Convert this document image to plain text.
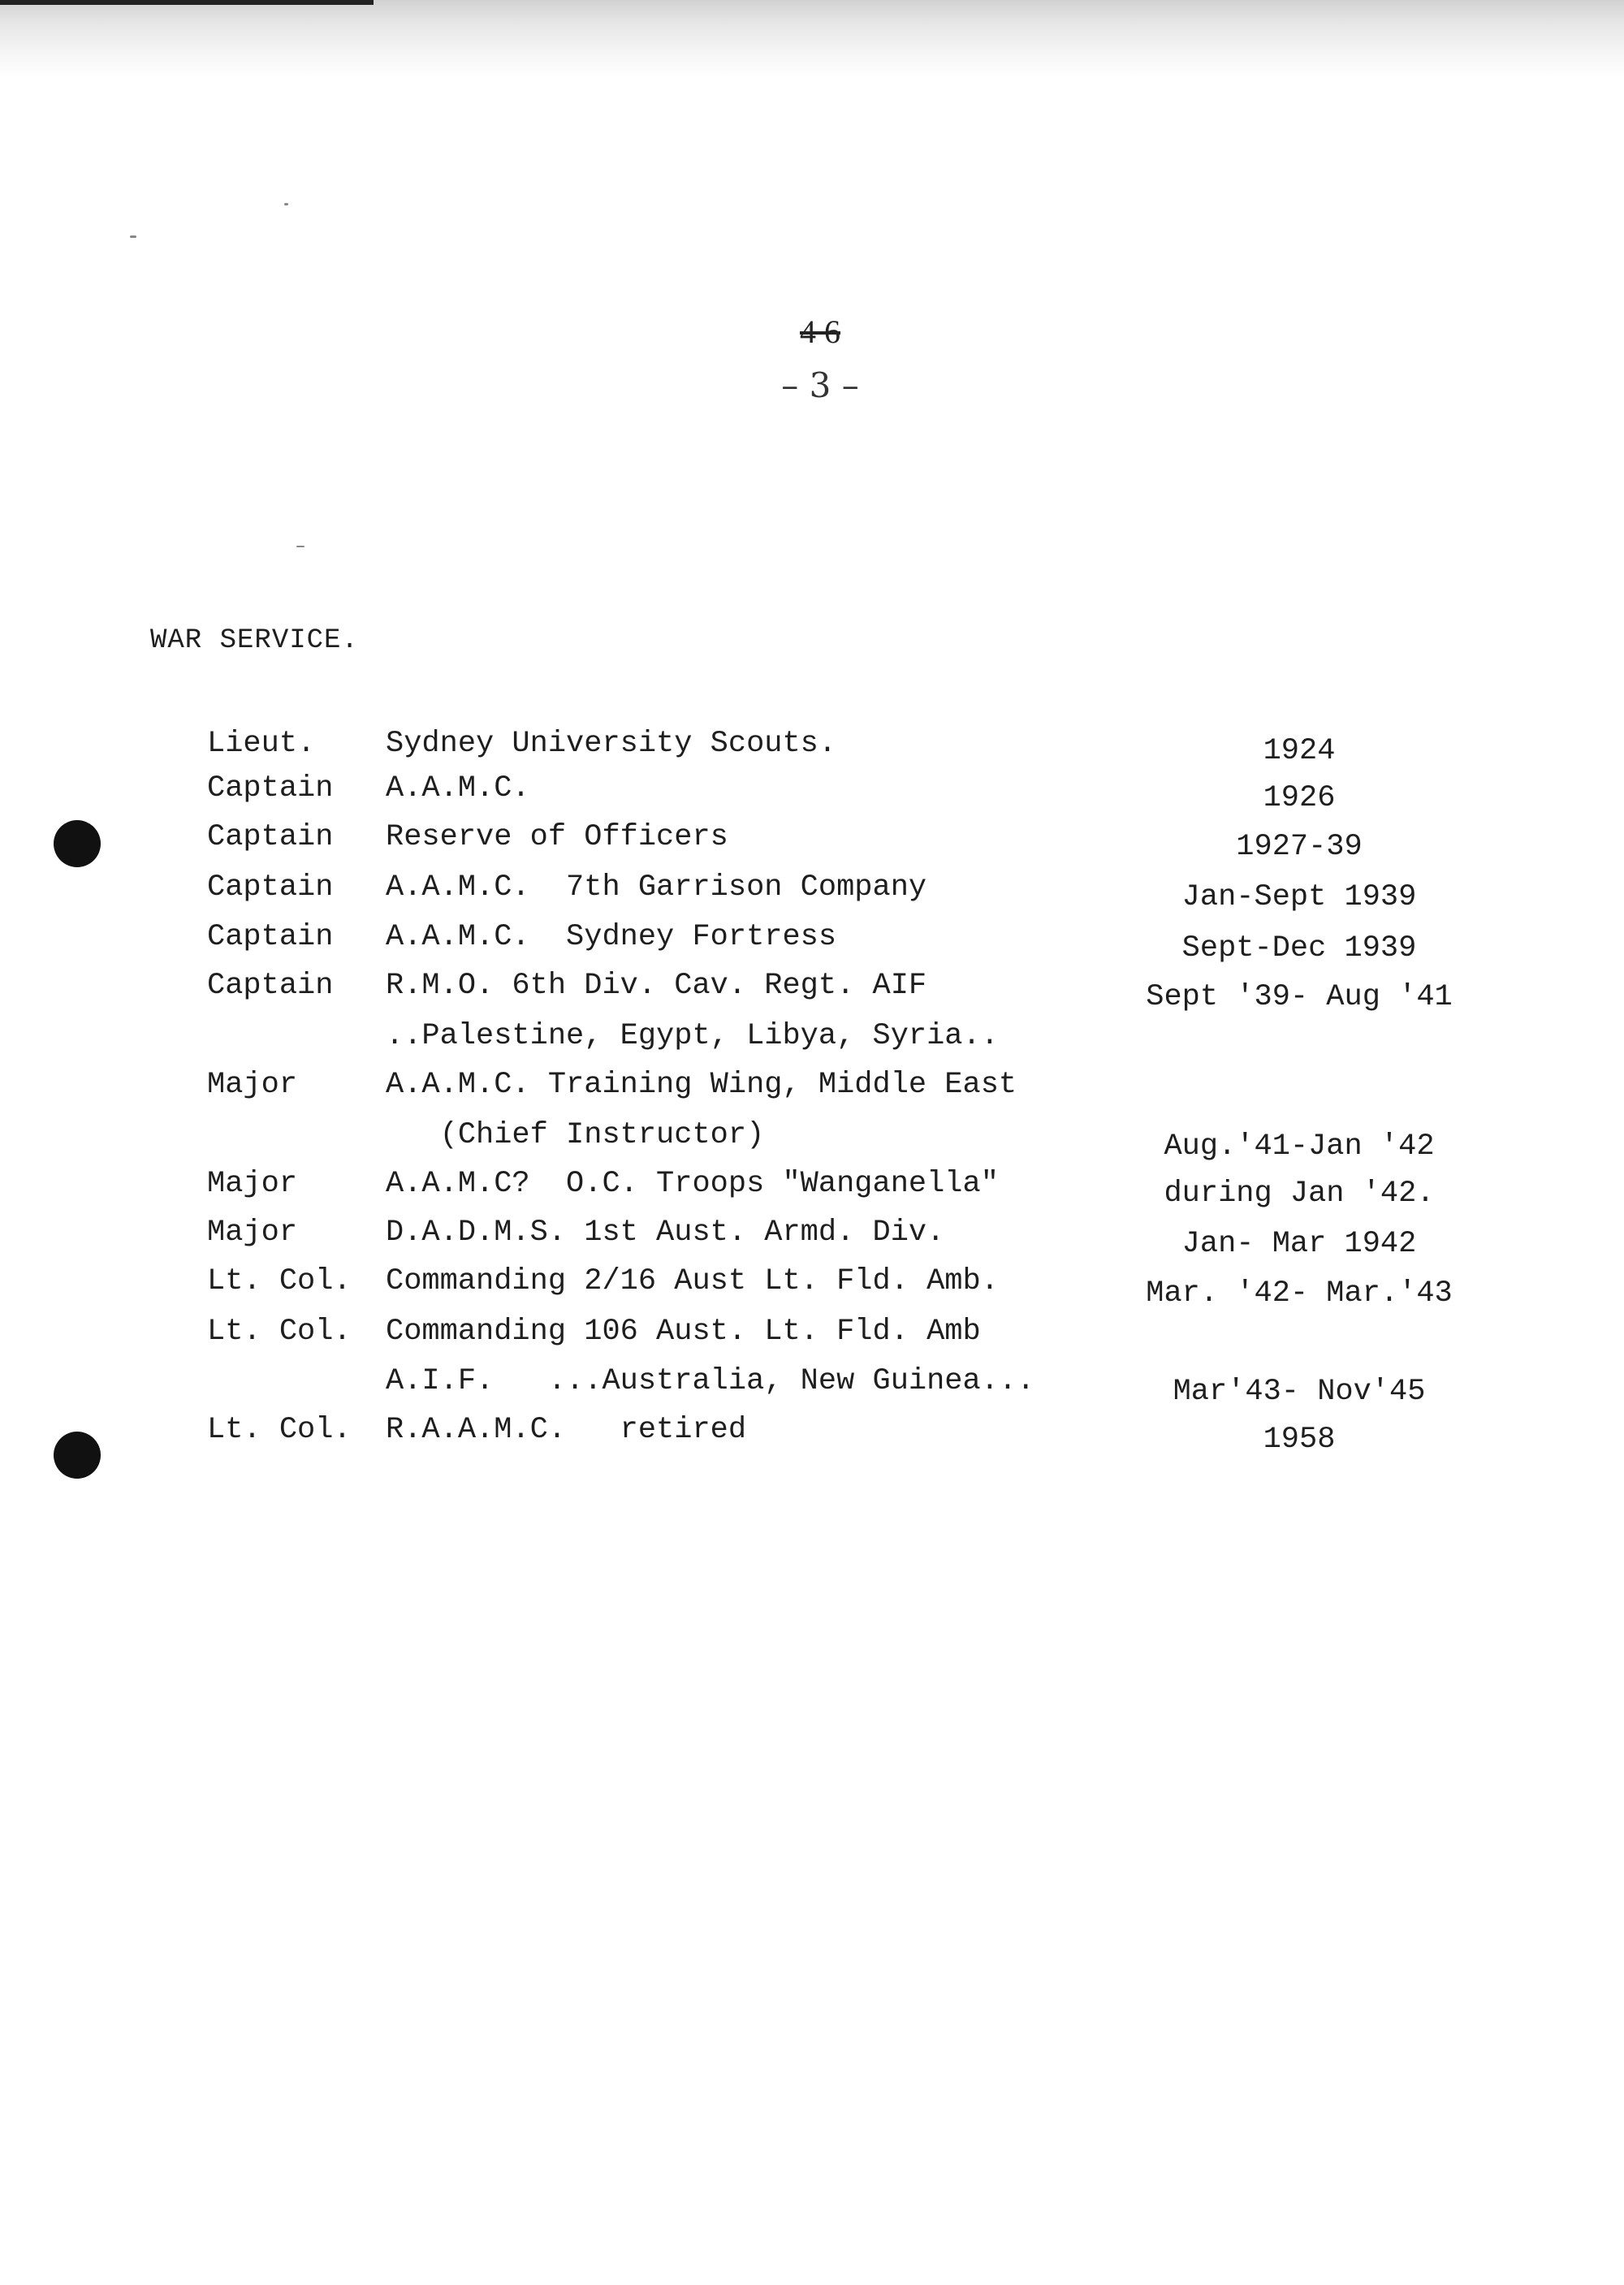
4 6
– 3 –
WAR SERVICE.
Lieut. Sydney University Scouts.	1924
Captain A.A.M.C.	1926
Captain Reserve of Officers	1927-39
Captain A.A.M.C.  7th Garrison Company	Jan-Sept 1939
Captain A.A.M.C.  Sydney Fortress	Sept-Dec 1939
Captain R.M.O. 6th Div. Cav. Regt. AIF	Sept '39- Aug '41
..Palestine, Egypt, Libya, Syria..
Major	A.A.M.C. Training Wing, Middle East
(Chief Instructor)	Aug.'41-Jan '42
Major	A.A.M.C?  O.C. Troops "Wanganella"	during Jan '42.
Major	D.A.D.M.S. 1st Aust. Armd. Div.	Jan- Mar 1942
Lt. Col. Commanding 2/16 Aust Lt. Fld. Amb.	Mar. '42- Mar.'43
Lt. Col. Commanding 106 Aust. Lt. Fld. Amb
A.I.F.   ...Australia, New Guinea...	Mar'43- Nov'45
Lt. Col. R.A.A.M.C.   retired	1958
